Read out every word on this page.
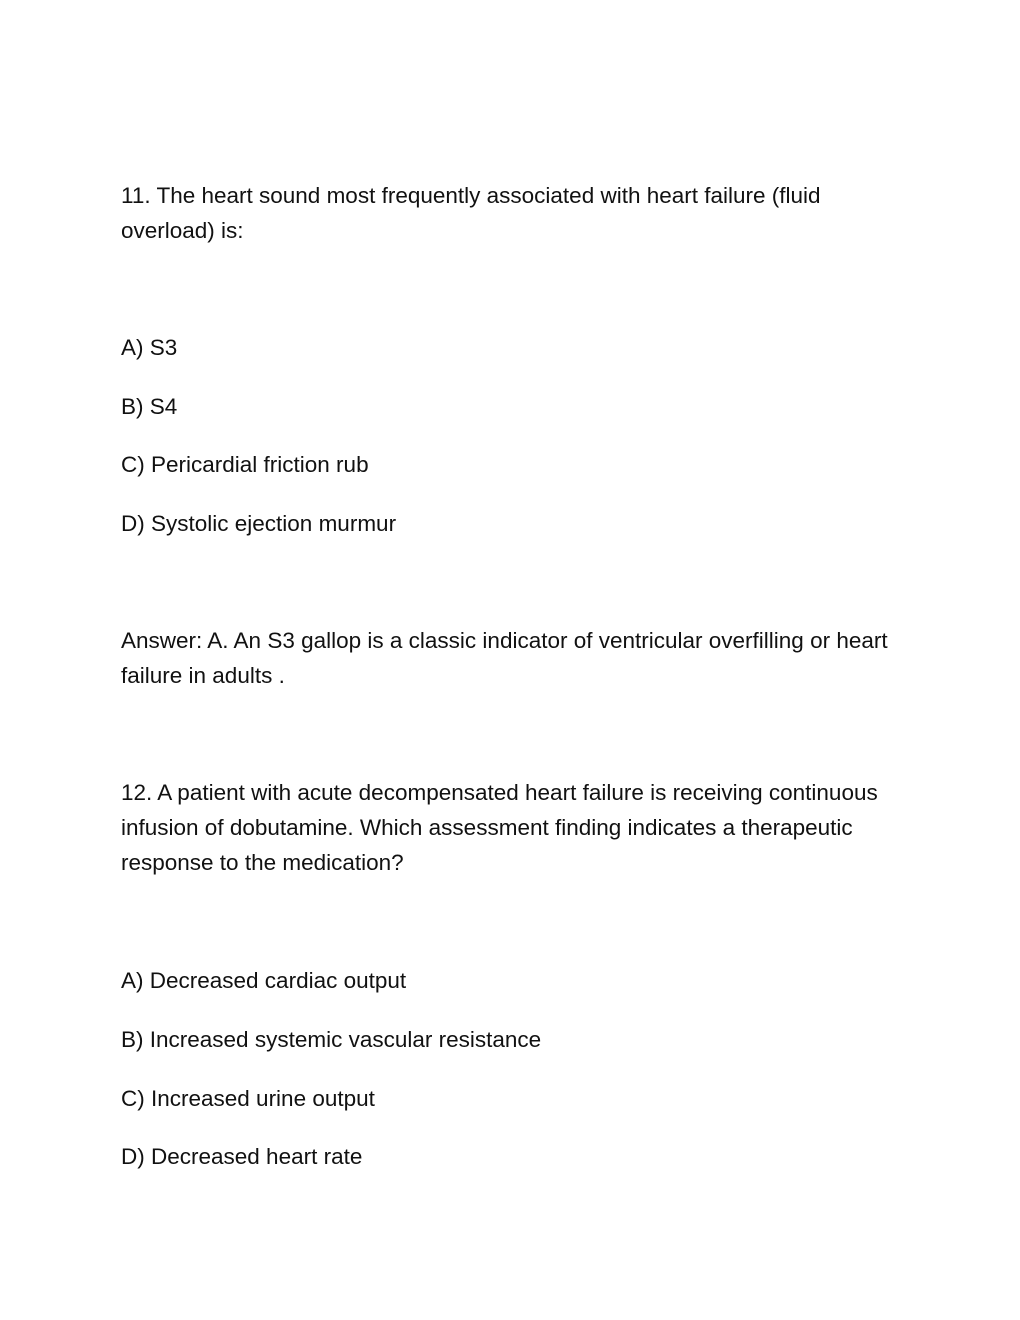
11. The heart sound most frequently associated with heart failure (fluid overload) is:

A) S3

B) S4

C) Pericardial friction rub

D) Systolic ejection murmur

Answer: A. An S3 gallop is a classic indicator of ventricular overfilling or heart failure in adults .

12. A patient with acute decompensated heart failure is receiving continuous infusion of dobutamine. Which assessment finding indicates a therapeutic response to the medication?

A) Decreased cardiac output

B) Increased systemic vascular resistance

C) Increased urine output

D) Decreased heart rate
